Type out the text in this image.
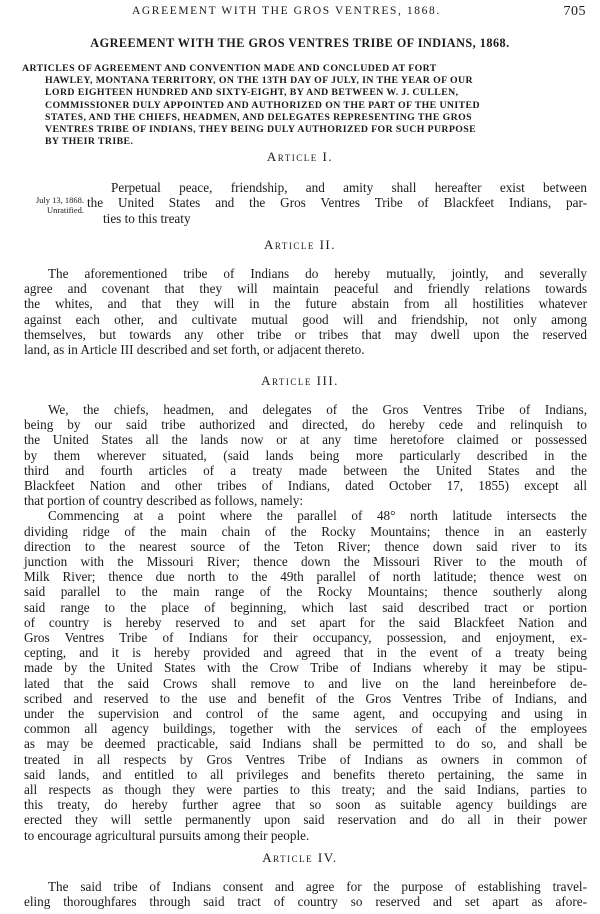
AGREEMENT WITH THE GROS VENTRES, 1868.	705
AGREEMENT WITH THE GROS VENTRES TRIBE OF INDIANS, 1868.
ARTICLES OF AGREEMENT AND CONVENTION MADE AND CONCLUDED AT FORT
HAWLEY, MONTANA TERRITORY, ON THE 13TH DAY OF JULY, IN THE YEAR OF OUR
LORD EIGHTEEN HUNDRED AND SIXTY-EIGHT, BY AND BETWEEN W. J. CULLEN,
COMMISSIONER DULY APPOINTED AND AUTHORIZED ON THE PART OF THE UNITED
STATES, AND THE CHIEFS, HEADMEN, AND DELEGATES REPRESENTING THE GROS
VENTRES TRIBE OF INDIANS, THEY BEING DULY AUTHORIZED FOR SUCH PURPOSE
BY THEIR TRIBE.
Article I.
July 13, 1868.
Unratified.
Perpetual peace, friendship, and amity shall hereafter exist between
the United States and the Gros Ventres Tribe of Blackfeet Indians, par-
ties to this treaty
Article II.
The aforementioned tribe of Indians do hereby mutually, jointly, and severally
agree and covenant that they will maintain peaceful and friendly relations towards
the whites, and that they will in the future abstain from all hostilities whatever
against each other, and cultivate mutual good will and friendship, not only among
themselves, but towards any other tribe or tribes that may dwell upon the reserved
land, as in Article III described and set forth, or adjacent thereto.
Article III.
We, the chiefs, headmen, and delegates of the Gros Ventres Tribe of Indians,
being by our said tribe authorized and directed, do hereby cede and relinquish to
the United States all the lands now or at any time heretofore claimed or possessed
by them wherever situated, (said lands being more particularly described in the
third and fourth articles of a treaty made between the United States and the
Blackfeet Nation and other tribes of Indians, dated October 17, 1855) except all
that portion of country described as follows, namely:
Commencing at a point where the parallel of 48° north latitude intersects the
dividing ridge of the main chain of the Rocky Mountains; thence in an easterly
direction to the nearest source of the Teton River; thence down said river to its
junction with the Missouri River; thence down the Missouri River to the mouth of
Milk River; thence due north to the 49th parallel of north latitude; thence west on
said parallel to the main range of the Rocky Mountains; thence southerly along
said range to the place of beginning, which last said described tract or portion
of country is hereby reserved to and set apart for the said Blackfeet Nation and
Gros Ventres Tribe of Indians for their occupancy, possession, and enjoyment, ex-
cepting, and it is hereby provided and agreed that in the event of a treaty being
made by the United States with the Crow Tribe of Indians whereby it may be stipu-
lated that the said Crows shall remove to and live on the land hereinbefore de-
scribed and reserved to the use and benefit of the Gros Ventres Tribe of Indians, and
under the supervision and control of the same agent, and occupying and using in
common all agency buildings, together with the services of each of the employees
as may be deemed practicable, said Indians shall be permitted to do so, and shall be
treated in all respects by Gros Ventres Tribe of Indians as owners in common of
said lands, and entitled to all privileges and benefits thereto pertaining, the same in
all respects as though they were parties to this treaty; and the said Indians, parties to
this treaty, do hereby further agree that so soon as suitable agency buildings are
erected they will settle permanently upon said reservation and do all in their power
to encourage agricultural pursuits among their people.
Article IV.
The said tribe of Indians consent and agree for the purpose of establishing travel-
eling thoroughfares through said tract of country so reserved and set apart as afore-
